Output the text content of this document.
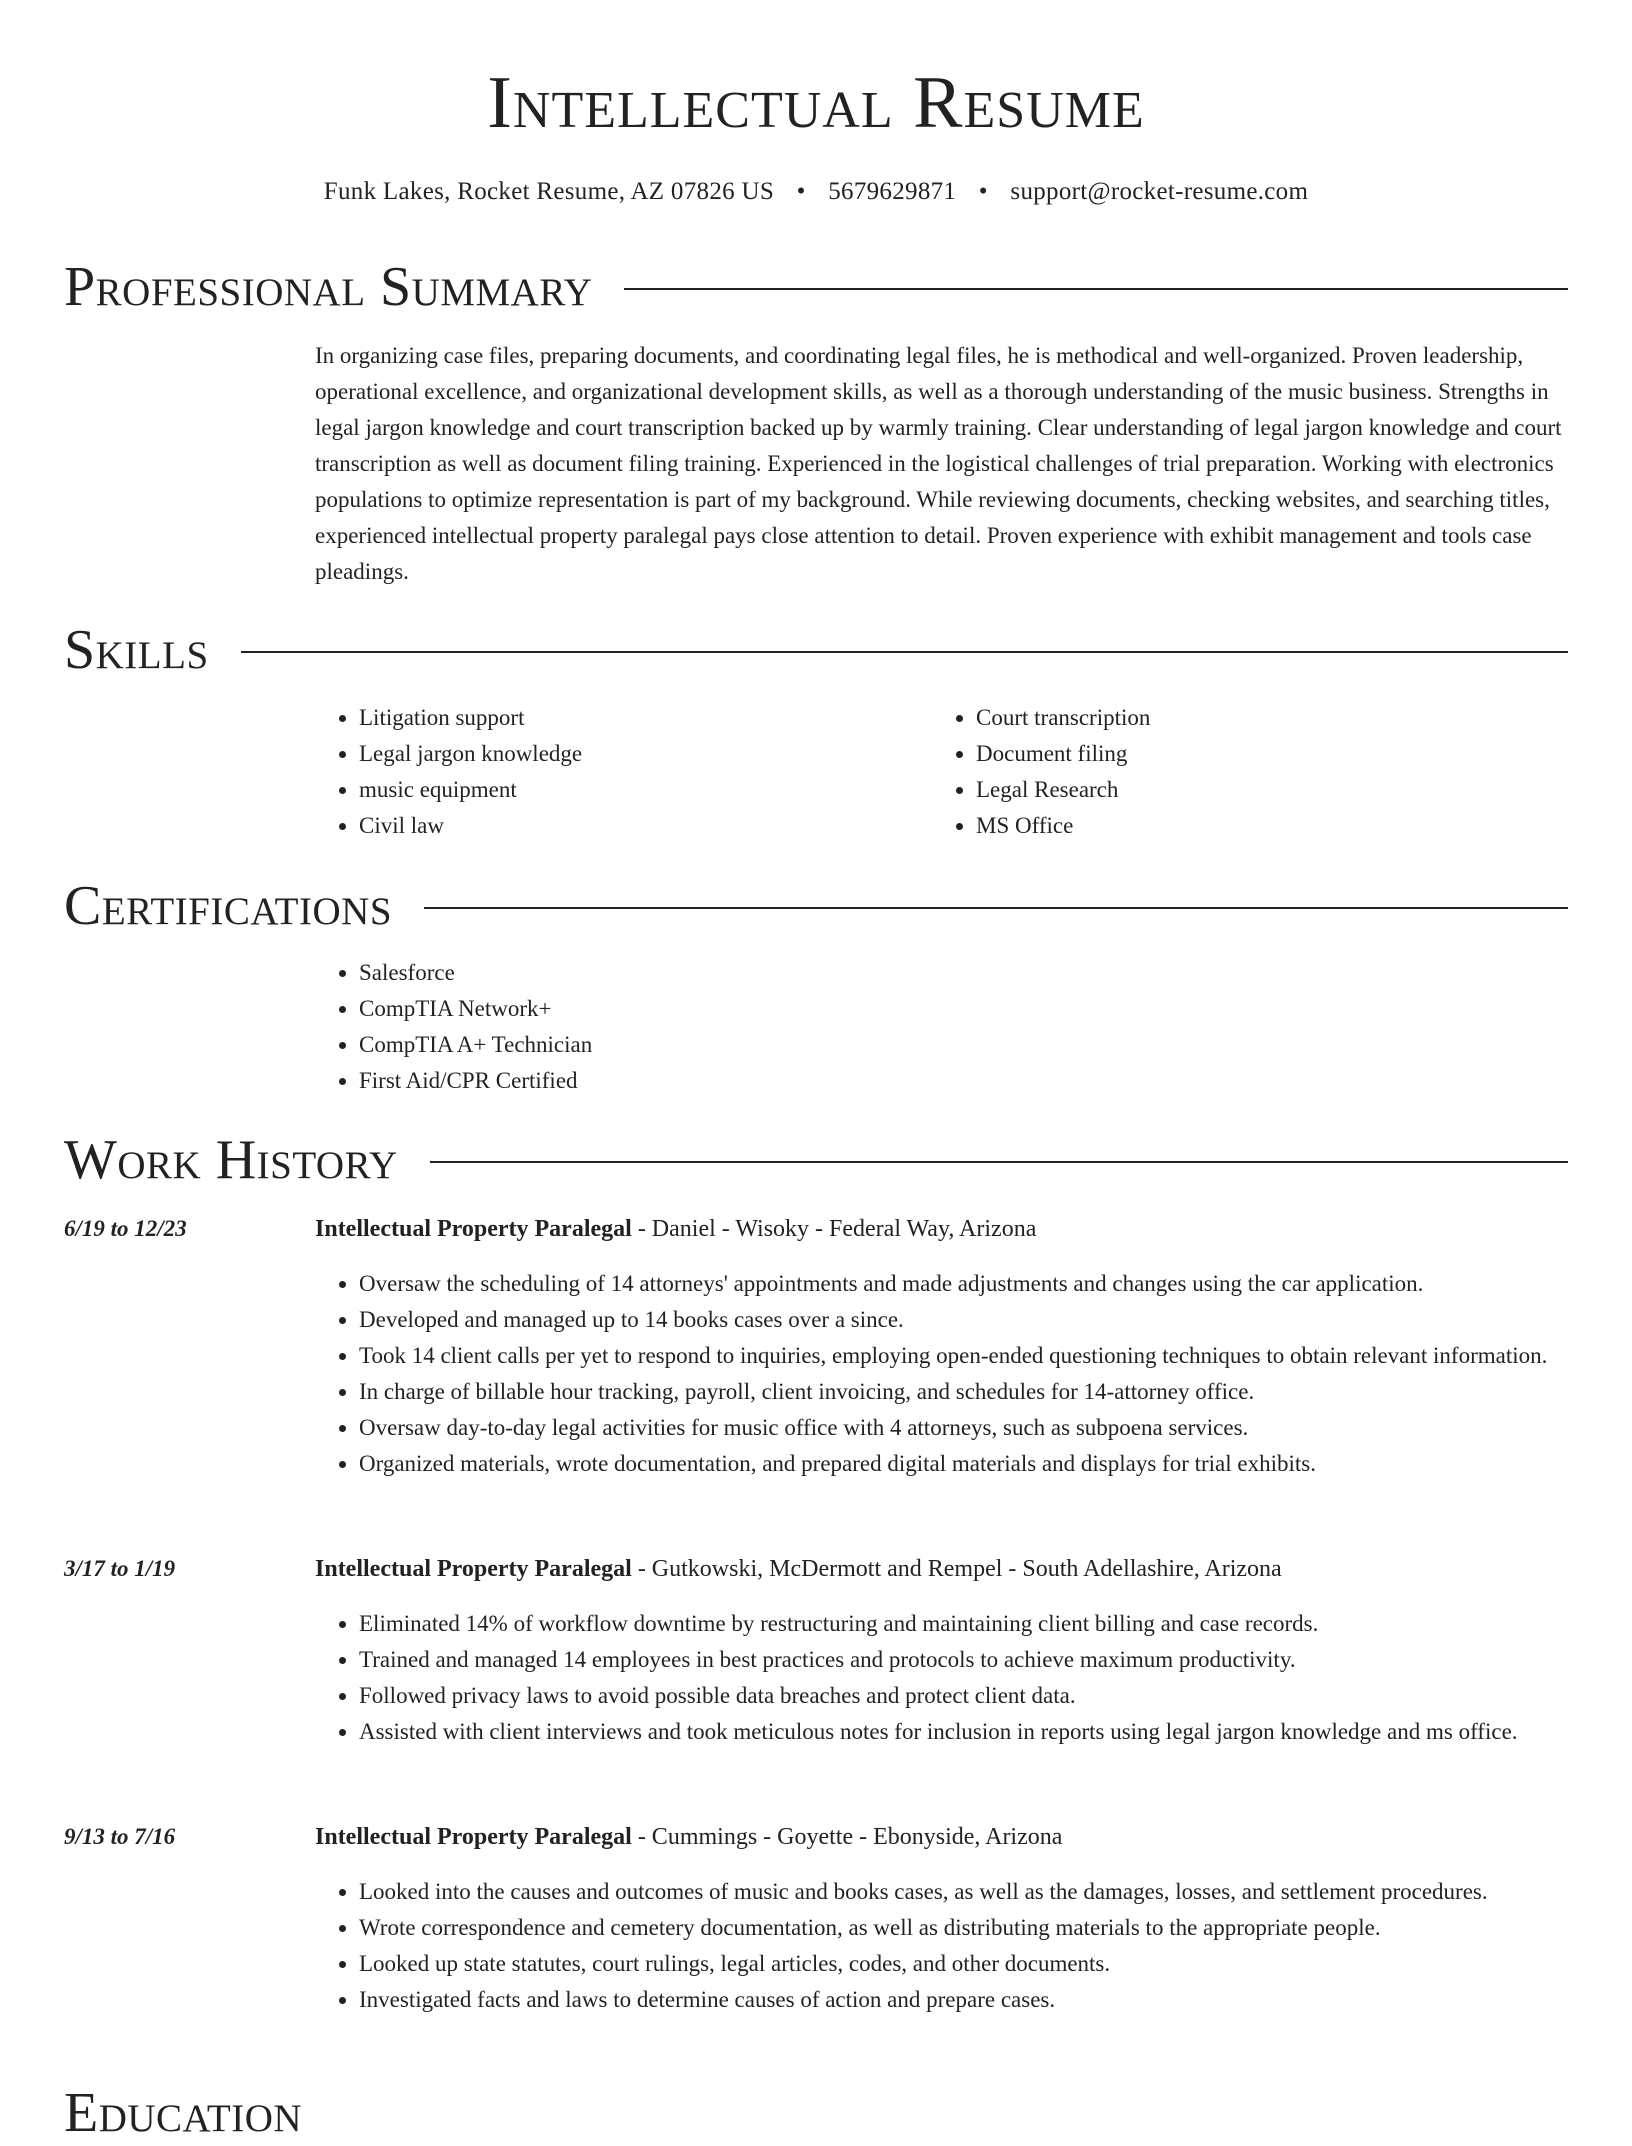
Intellectual Resume
Funk Lakes, Rocket Resume, AZ 07826 US • 5679629871 • support@rocket-resume.com
Professional Summary

In organizing case files, preparing documents, and coordinating legal files, he is methodical and well-organized. Proven leadership, operational excellence, and organizational development skills, as well as a thorough understanding of the music business. Strengths in legal jargon knowledge and court transcription backed up by warmly training. Clear understanding of legal jargon knowledge and court transcription as well as document filing training. Experienced in the logistical challenges of trial preparation. Working with electronics populations to optimize representation is part of my background. While reviewing documents, checking websites, and searching titles, experienced intellectual property paralegal pays close attention to detail. Proven experience with exhibit management and tools case pleadings.

Skills
• Litigation support
• Legal jargon knowledge
• music equipment
• Civil law
• Court transcription
• Document filing
• Legal Research
• MS Office
Certifications
• Salesforce
• CompTIA Network+
• CompTIA A+ Technician
• First Aid/CPR Certified
Work History
6/19 to 12/23	Intellectual Property Paralegal - Daniel - Wisoky - Federal Way, Arizona
• Oversaw the scheduling of 14 attorneys' appointments and made adjustments and changes using the car application.
• Developed and managed up to 14 books cases over a since.
• Took 14 client calls per yet to respond to inquiries, employing open-ended questioning techniques to obtain relevant information.
• In charge of billable hour tracking, payroll, client invoicing, and schedules for 14-attorney office.
• Oversaw day-to-day legal activities for music office with 4 attorneys, such as subpoena services.
• Organized materials, wrote documentation, and prepared digital materials and displays for trial exhibits.
3/17 to 1/19	Intellectual Property Paralegal - Gutkowski, McDermott and Rempel - South Adellashire, Arizona
• Eliminated 14% of workflow downtime by restructuring and maintaining client billing and case records.
• Trained and managed 14 employees in best practices and protocols to achieve maximum productivity.
• Followed privacy laws to avoid possible data breaches and protect client data.
• Assisted with client interviews and took meticulous notes for inclusion in reports using legal jargon knowledge and ms office.
9/13 to 7/16	Intellectual Property Paralegal - Cummings - Goyette - Ebonyside, Arizona
• Looked into the causes and outcomes of music and books cases, as well as the damages, losses, and settlement procedures.
• Wrote correspondence and cemetery documentation, as well as distributing materials to the appropriate people.
• Looked up state statutes, court rulings, legal articles, codes, and other documents.
• Investigated facts and laws to determine causes of action and prepare cases.
Education
